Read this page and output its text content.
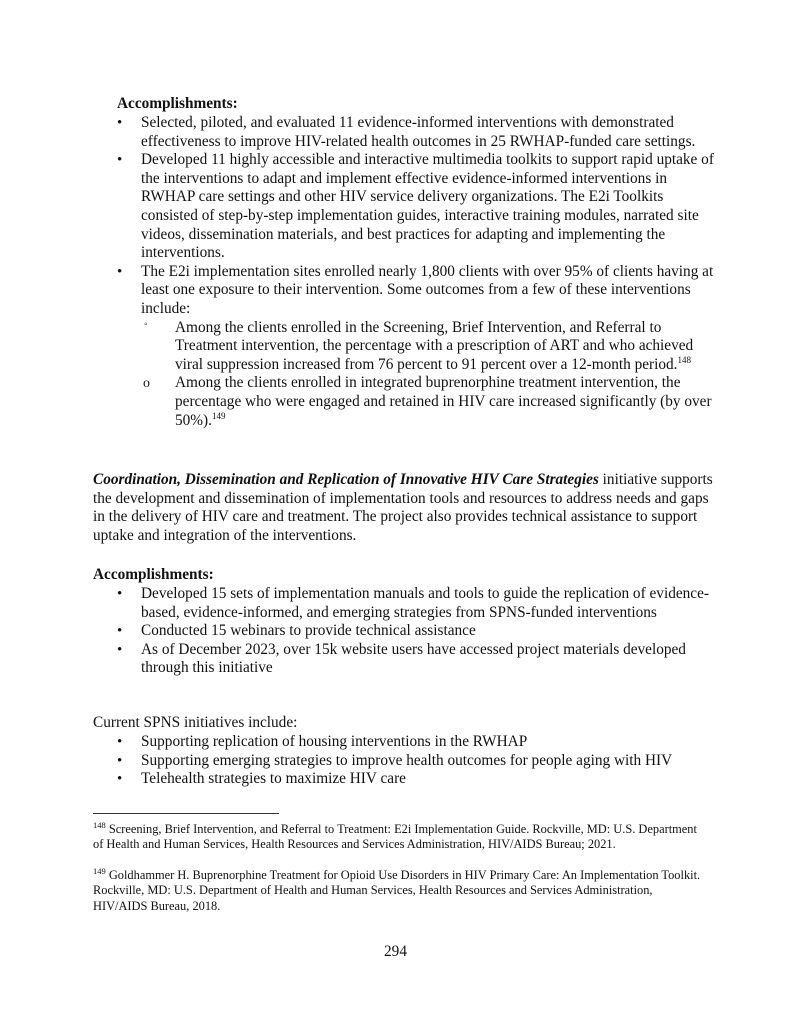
Accomplishments:
•	Selected, piloted, and evaluated 11 evidence-informed interventions with demonstrated effectiveness to improve HIV-related health outcomes in 25 RWHAP-funded care settings.
•	Developed 11 highly accessible and interactive multimedia toolkits to support rapid uptake of the interventions to adapt and implement effective evidence-informed interventions in RWHAP care settings and other HIV service delivery organizations. The E2i Toolkits consisted of step-by-step implementation guides, interactive training modules, narrated site videos, dissemination materials, and best practices for adapting and implementing the interventions.
•	The E2i implementation sites enrolled nearly 1,800 clients with over 95% of clients having at least one exposure to their intervention. Some outcomes from a few of these interventions include:
◦ Among the clients enrolled in the Screening, Brief Intervention, and Referral to Treatment intervention, the percentage with a prescription of ART and who achieved viral suppression increased from 76 percent to 91 percent over a 12-month period.$^{148}$
o Among the clients enrolled in integrated buprenorphine treatment intervention, the percentage who were engaged and retained in HIV care increased significantly (by over 50%).$^{149}$
Coordination, Dissemination and Replication of Innovative HIV Care Strategies initiative supports the development and dissemination of implementation tools and resources to address needs and gaps in the delivery of HIV care and treatment. The project also provides technical assistance to support uptake and integration of the interventions.
Accomplishments:
•	Developed 15 sets of implementation manuals and tools to guide the replication of evidence-based, evidence-informed, and emerging strategies from SPNS-funded interventions
•	Conducted 15 webinars to provide technical assistance
•	As of December 2023, over 15k website users have accessed project materials developed through this initiative
Current SPNS initiatives include:
•	Supporting replication of housing interventions in the RWHAP
•	Supporting emerging strategies to improve health outcomes for people aging with HIV
•	Telehealth strategies to maximize HIV care
$^{148}$ Screening, Brief Intervention, and Referral to Treatment: E2i Implementation Guide. Rockville, MD: U.S. Department of Health and Human Services, Health Resources and Services Administration, HIV/AIDS Bureau; 2021.
$^{149}$ Goldhammer H. Buprenorphine Treatment for Opioid Use Disorders in HIV Primary Care: An Implementation Toolkit. Rockville, MD: U.S. Department of Health and Human Services, Health Resources and Services Administration, HIV/AIDS Bureau, 2018.
294
